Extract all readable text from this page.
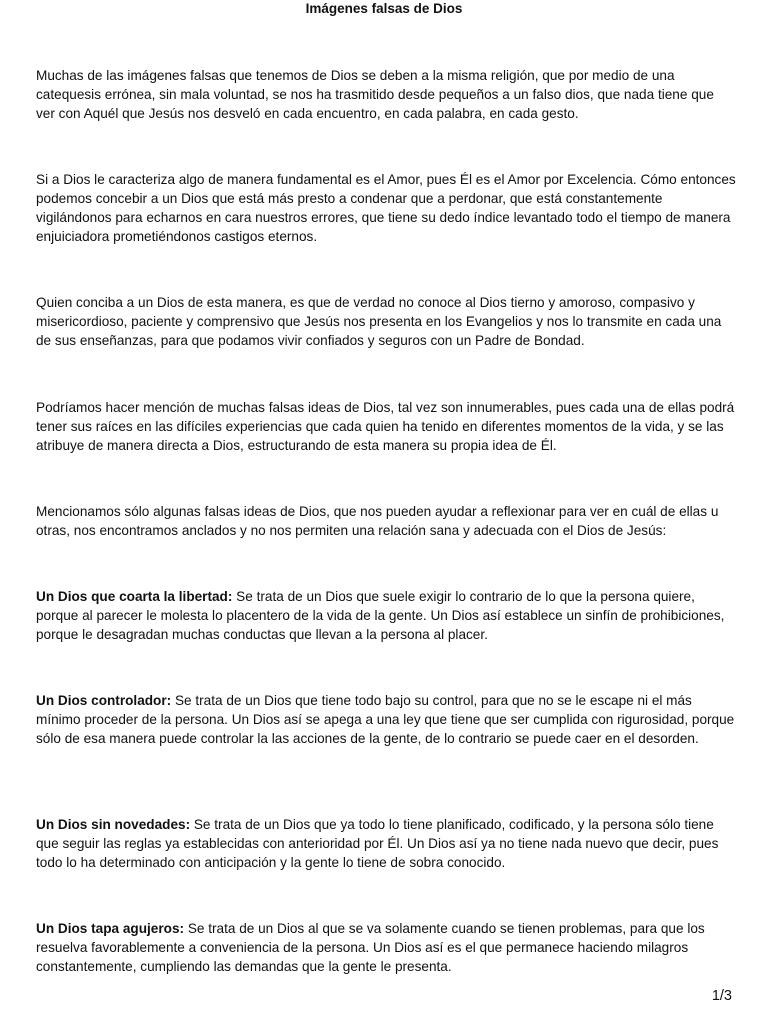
Imágenes falsas de Dios

Muchas de las imágenes falsas que tenemos de Dios se deben a la misma religión, que por medio de una catequesis errónea, sin mala voluntad, se nos ha trasmitido desde pequeños a un falso dios, que nada tiene que ver con Aquél que Jesús nos desveló en cada encuentro, en cada palabra, en cada gesto.

Si a Dios le caracteriza algo de manera fundamental es el Amor, pues Él es el Amor por Excelencia. Cómo entonces podemos concebir a un Dios que está más presto a condenar que a perdonar, que está constantemente vigilándonos para echarnos en cara nuestros errores, que tiene su dedo índice levantado todo el tiempo de manera enjuiciadora prometiéndonos castigos eternos.

Quien conciba a un Dios de esta manera, es que de verdad no conoce al Dios tierno y amoroso, compasivo y misericordioso, paciente y comprensivo que Jesús nos presenta en los Evangelios y nos lo transmite en cada una de sus enseñanzas, para que podamos vivir confiados y seguros con un Padre de Bondad.

Podríamos hacer mención de muchas falsas ideas de Dios, tal vez son innumerables, pues cada una de ellas podrá tener sus raíces en las difíciles experiencias que cada quien ha tenido en diferentes momentos de la vida, y se las atribuye de manera directa a Dios, estructurando de esta manera su propia idea de Él.

Mencionamos sólo algunas falsas ideas de Dios, que nos pueden ayudar a reflexionar para ver en cuál de ellas u otras, nos encontramos anclados y no nos permiten una relación sana y adecuada con el Dios de Jesús:

Un Dios que coarta la libertad: Se trata de un Dios que suele exigir lo contrario de lo que la persona quiere, porque al parecer le molesta lo placentero de la vida de la gente. Un Dios así establece un sinfín de prohibiciones, porque le desagradan muchas conductas que llevan a la persona al placer.

Un Dios controlador: Se trata de un Dios que tiene todo bajo su control, para que no se le escape ni el más mínimo proceder de la persona. Un Dios así se apega a una ley que tiene que ser cumplida con rigurosidad, porque sólo de esa manera puede controlar la las acciones de la gente, de lo contrario se puede caer en el desorden.

Un Dios sin novedades: Se trata de un Dios que ya todo lo tiene planificado, codificado, y la persona sólo tiene que seguir las reglas ya establecidas con anterioridad por Él. Un Dios así ya no tiene nada nuevo que decir, pues todo lo ha determinado con anticipación y la gente lo tiene de sobra conocido.

Un Dios tapa agujeros: Se trata de un Dios al que se va solamente cuando se tienen problemas, para que los resuelva favorablemente a conveniencia de la persona. Un Dios así es el que permanece haciendo milagros constantemente, cumpliendo las demandas que la gente le presenta.

1/3
